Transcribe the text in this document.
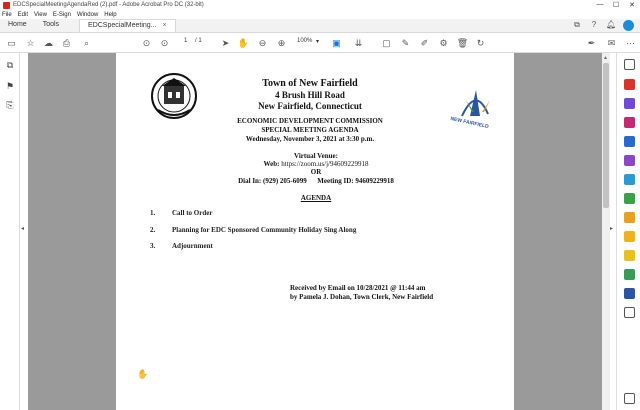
EDCSpecialMeetingAgendaRed (2).pdf - Adobe Acrobat Pro DC (32-bit)	—	☐	✕
File Edit View E-Sign Window Help
Home	Tools	EDCSpecialMeeting... ×	⧉	?	🔔︎
▭ ☆ ☁	⎙	⌕	⊙	⊙	1 / 1	➤ ✋	⊖	⊕	100% ▾ ▣	⇊	▢	✎	✐	⚙ 🗑︎ ↻	✒	✉	⋯
⧉
⚑
⎘
◂
NEW FAIRFIELD
Town of New Fairfield
4 Brush Hill Road
New Fairfield, Connecticut
ECONOMIC DEVELOPMENT COMMISSION
SPECIAL MEETING AGENDA
Wednesday, November 3, 2021 at 3:30 p.m.
Virtual Venue:
Web: https://zoom.us/j/94609229918
OR
Dial In: (929) 205-6099      Meeting ID: 94609229918
AGENDA
1. Call to Order
2. Planning for EDC Sponsored Community Holiday Sing Along
3. Adjournment
Received by Email on 10/28/2021 @ 11:44 am
by Pamela J. Dohan, Town Clerk, New Fairfield
✋
▲
▸
